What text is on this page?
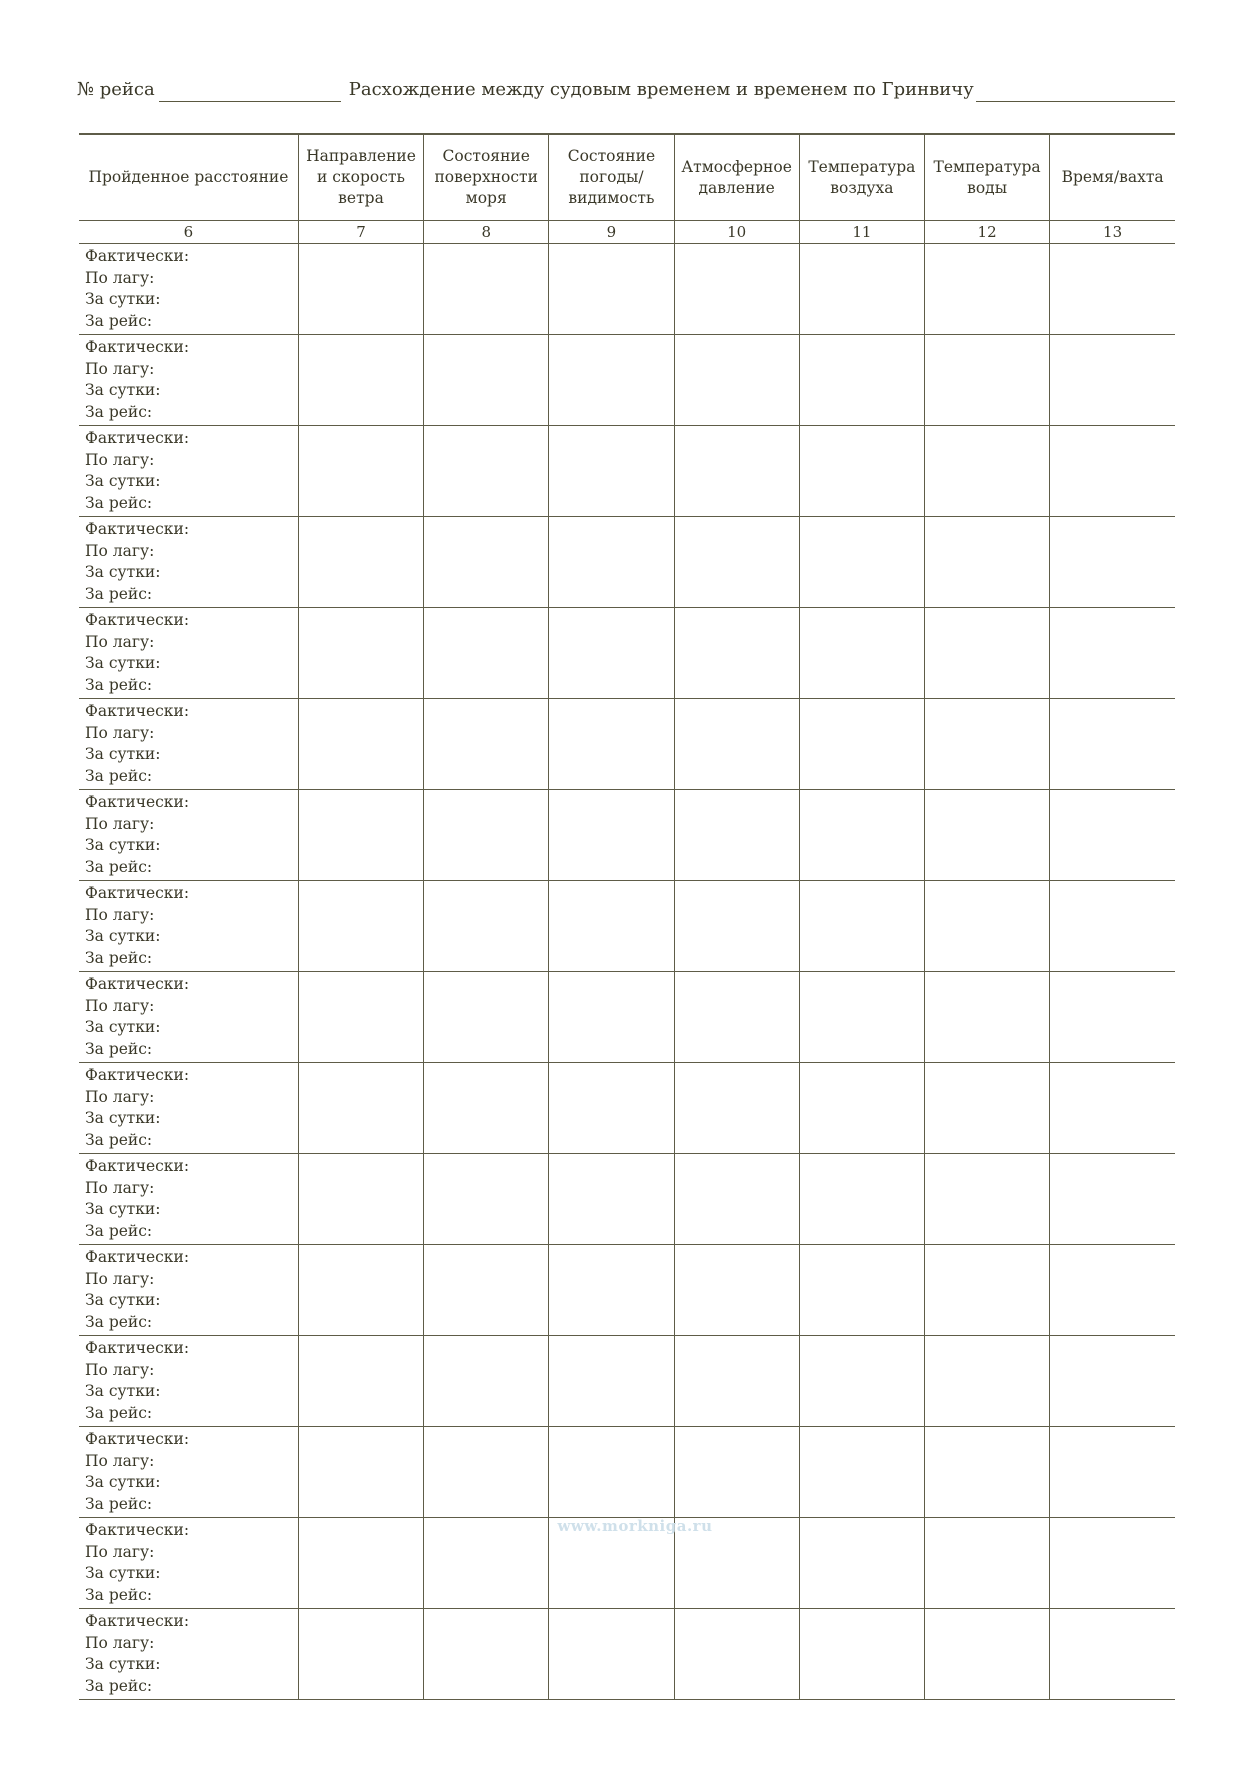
№ рейса	Расхождение между судовым временем и временем по Гринвичу
Пройденное расстояние	Направление и скорость ветра	Состояние поверхности моря	Состояние погоды/ видимость	Атмосферное давление	Температура воздуха	Температура воды	Время/вахта
6	7	8	9	10	11	12	13

Фактически:
По лагу:
За сутки:
За рейс:							

Фактически:
По лагу:
За сутки:
За рейс:							

Фактически:
По лагу:
За сутки:
За рейс:							

Фактически:
По лагу:
За сутки:
За рейс:							

Фактически:
По лагу:
За сутки:
За рейс:							

Фактически:
По лагу:
За сутки:
За рейс:							

Фактически:
По лагу:
За сутки:
За рейс:							

Фактически:
По лагу:
За сутки:
За рейс:							

Фактически:
По лагу:
За сутки:
За рейс:							

Фактически:
По лагу:
За сутки:
За рейс:							

Фактически:
По лагу:
За сутки:
За рейс:							

Фактически:
По лагу:
За сутки:
За рейс:							

Фактически:
По лагу:
За сутки:
За рейс:							

Фактически:
По лагу:
За сутки:
За рейс:							

Фактически:
По лагу:
За сутки:
За рейс:							

Фактически:
По лагу:
За сутки:
За рейс:							

www.morkniga.ru
